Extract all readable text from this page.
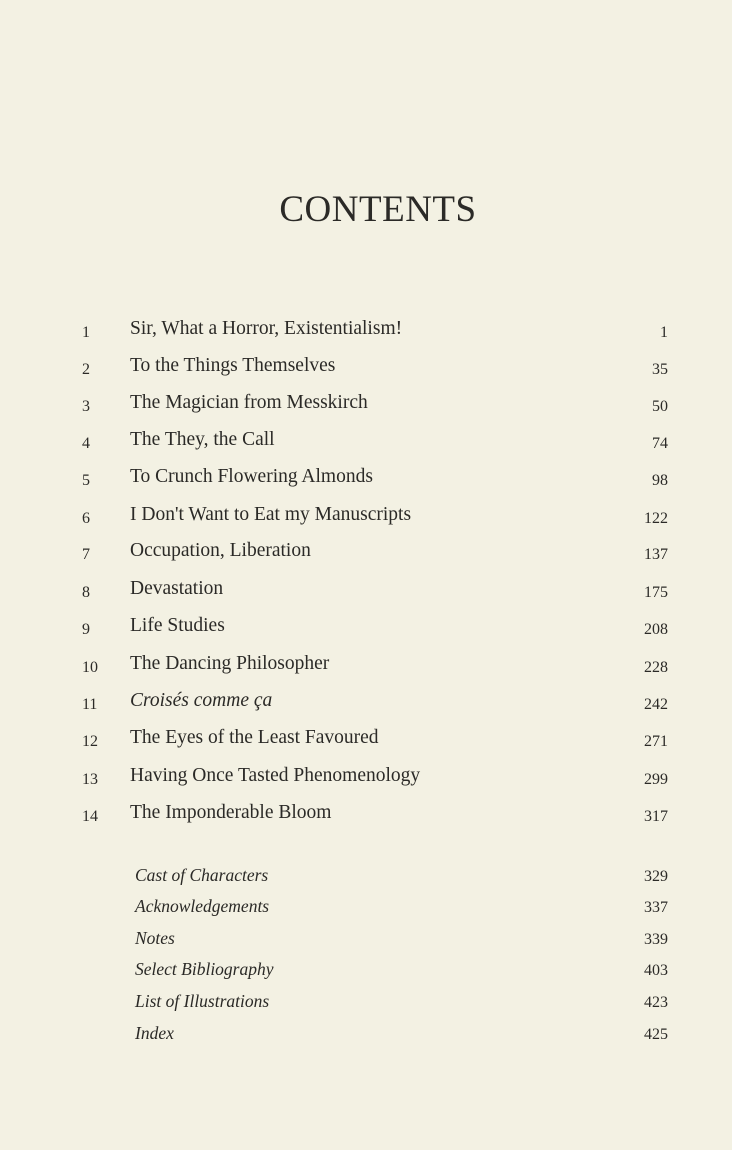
CONTENTS
1 Sir, What a Horror, Existentialism!	1
2 To the Things Themselves	35
3 The Magician from Messkirch	50
4 The They, the Call	74
5 To Crunch Flowering Almonds	98
6 I Don't Want to Eat my Manuscripts	122
7 Occupation, Liberation	137
8 Devastation	175
9 Life Studies	208
10 The Dancing Philosopher	228
11 Croisés comme ça	242
12 The Eyes of the Least Favoured	271
13 Having Once Tasted Phenomenology	299
14 The Imponderable Bloom	317
Cast of Characters	329
Acknowledgements	337
Notes	339
Select Bibliography	403
List of Illustrations	423
Index	425
